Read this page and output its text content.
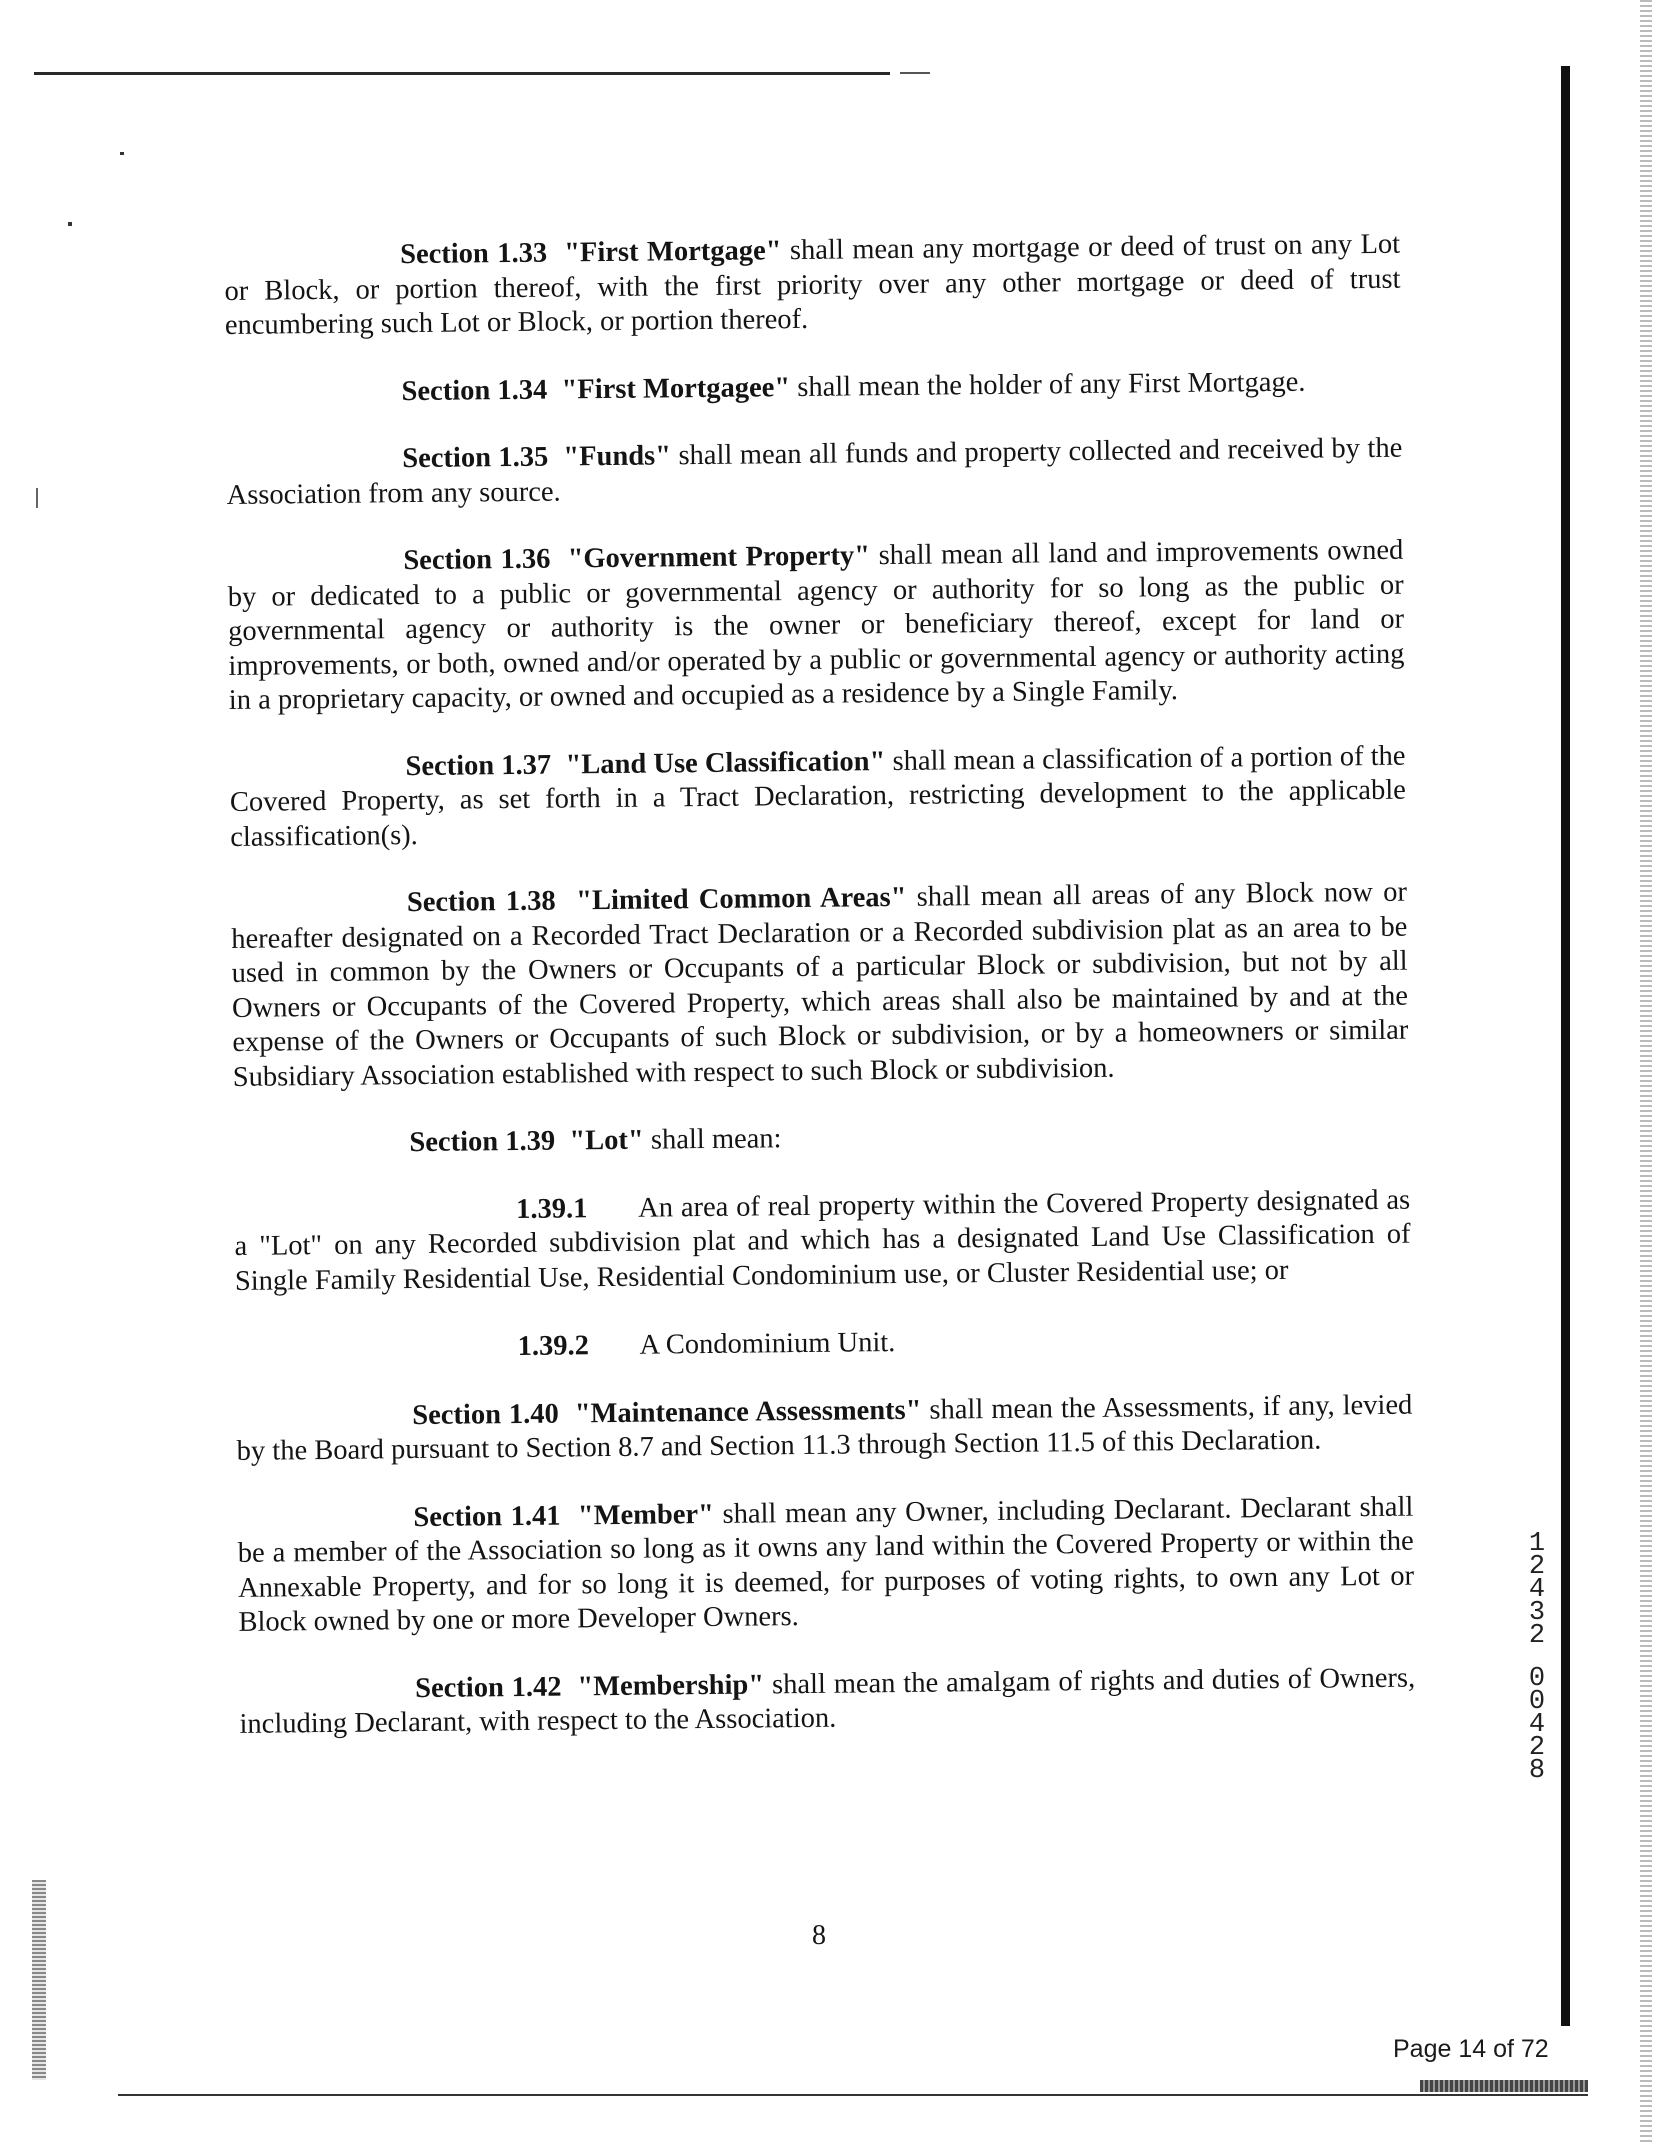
Section 1.33 "First Mortgage" shall mean any mortgage or deed of trust on any Lot or Block, or portion thereof, with the first priority over any other mortgage or deed of trust encumbering such Lot or Block, or portion thereof.

Section 1.34 "First Mortgagee" shall mean the holder of any First Mortgage.

Section 1.35 "Funds" shall mean all funds and property collected and received by the Association from any source.

Section 1.36 "Government Property" shall mean all land and improvements owned by or dedicated to a public or governmental agency or authority for so long as the public or governmental agency or authority is the owner or beneficiary thereof, except for land or improvements, or both, owned and/or operated by a public or governmental agency or authority acting in a proprietary capacity, or owned and occupied as a residence by a Single Family.

Section 1.37 "Land Use Classification" shall mean a classification of a portion of the Covered Property, as set forth in a Tract Declaration, restricting development to the applicable classification(s).

Section 1.38 "Limited Common Areas" shall mean all areas of any Block now or hereafter designated on a Recorded Tract Declaration or a Recorded subdivision plat as an area to be used in common by the Owners or Occupants of a particular Block or subdivision, but not by all Owners or Occupants of the Covered Property, which areas shall also be maintained by and at the expense of the Owners or Occupants of such Block or subdivision, or by a homeowners or similar Subsidiary Association established with respect to such Block or subdivision.

Section 1.39 "Lot" shall mean:

1.39.1 An area of real property within the Covered Property designated as a "Lot" on any Recorded subdivision plat and which has a designated Land Use Classification of Single Family Residential Use, Residential Condominium use, or Cluster Residential use; or

1.39.2 A Condominium Unit.

Section 1.40 "Maintenance Assessments" shall mean the Assessments, if any, levied by the Board pursuant to Section 8.7 and Section 11.3 through Section 11.5 of this Declaration.

Section 1.41 "Member" shall mean any Owner, including Declarant. Declarant shall be a member of the Association so long as it owns any land within the Covered Property or within the Annexable Property, and for so long it is deemed, for purposes of voting rights, to own any Lot or Block owned by one or more Developer Owners.

Section 1.42 "Membership" shall mean the amalgam of rights and duties of Owners, including Declarant, with respect to the Association.

8
1
2
4
3
2
0
0
4
2
8
Page 14 of 72
